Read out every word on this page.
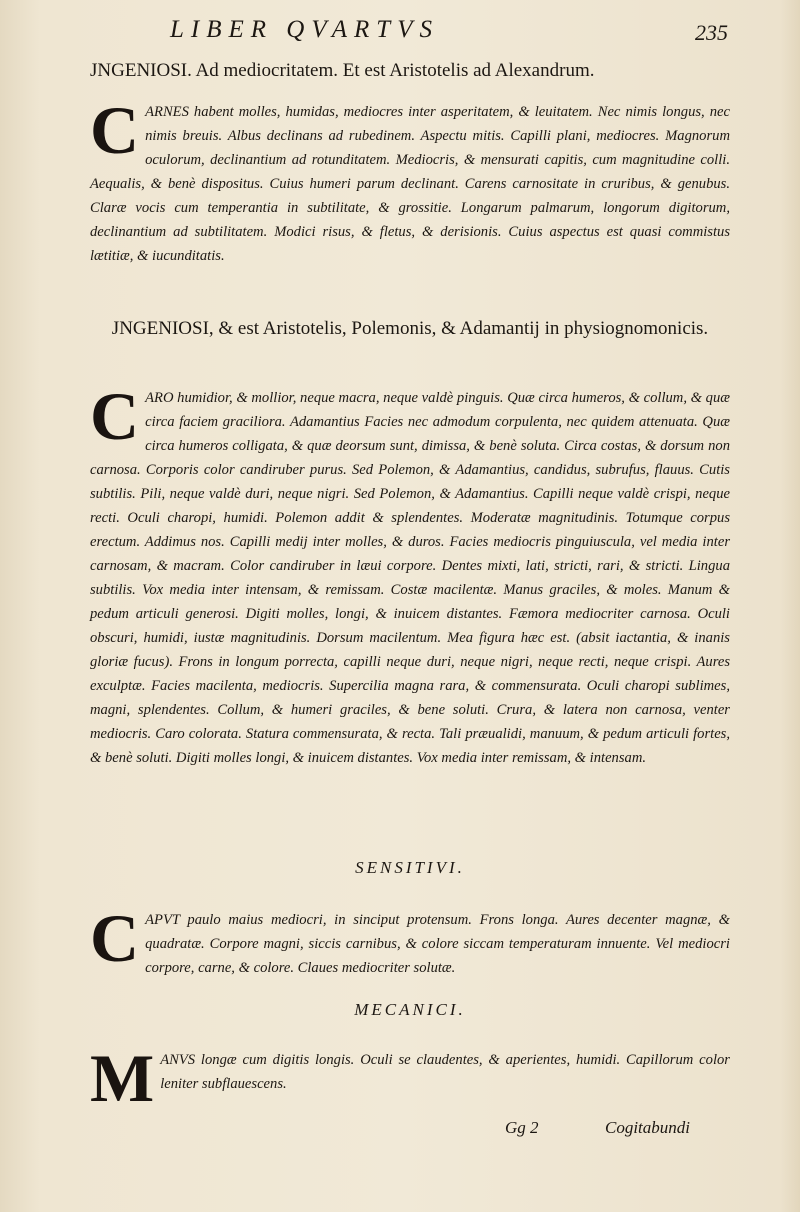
LIBER QVARTVS	235
JNGENIOSI. Ad mediocritatem. Et est Aristotelis ad Alexandrum.

CARNES habent molles, humidas, mediocres inter asperitatem, & leuitatem. Nec nimis longus, nec nimis breuis. Albus declinans ad rubedinem. Aspectu mitis. Capilli plani, mediocres. Magnorum oculorum, declinantium ad rotunditatem. Mediocris, & mensurati capitis, cum magnitudine colli. Aequalis, & benè dispositus. Cuius humeri parum declinant. Carens carnositate in cruribus, & genubus. Claræ vocis cum temperantia in subtilitate, & grossitie. Longarum palmarum, longorum digitorum, declinantium ad subtilitatem. Modici risus, & fletus, & derisionis. Cuius aspectus est quasi commistus lætitiæ, & iucunditatis.

JNGENIOSI, & est Aristotelis, Polemonis, & Adamantij in physiognomonicis.

CARO humidior, & mollior, neque macra, neque valdè pinguis. Quæ circa humeros, & collum, & quæ circa faciem graciliora. Adamantius Facies nec admodum corpulenta, nec quidem attenuata. Quæ circa humeros colligata, & quæ deorsum sunt, dimissa, & benè soluta. Circa costas, & dorsum non carnosa. Corporis color candiruber purus. Sed Polemon, & Adamantius, candidus, subrufus, flauus. Cutis subtilis. Pili, neque valdè duri, neque nigri. Sed Polemon, & Adamantius. Capilli neque valdè crispi, neque recti. Oculi charopi, humidi. Polemon addit & splendentes. Moderatæ magnitudinis. Totumque corpus erectum. Addimus nos. Capilli medij inter molles, & duros. Facies mediocris pinguiuscula, vel media inter carnosam, & macram. Color candiruber in læui corpore. Dentes mixti, lati, stricti, rari, & stricti. Lingua subtilis. Vox media inter intensam, & remissam. Costæ macilentæ. Manus graciles, & moles. Manum & pedum articuli generosi. Digiti molles, longi, & inuicem distantes. Fæmora mediocriter carnosa. Oculi obscuri, humidi, iustæ magnitudinis. Dorsum macilentum. Mea figura hæc est. (absit iactantia, & inanis gloriæ fucus). Frons in longum porrecta, capilli neque duri, neque nigri, neque recti, neque crispi. Aures exculptæ. Facies macilenta, mediocris. Supercilia magna rara, & commensurata. Oculi charopi sublimes, magni, splendentes. Collum, & humeri graciles, & bene soluti. Crura, & latera non carnosa, venter mediocris. Caro colorata. Statura commensurata, & recta. Tali præualidi, manuum, & pedum articuli fortes, & benè soluti. Digiti molles longi, & inuicem distantes. Vox media inter remissam, & intensam.

SENSITIVI.

CAPVT paulo maius mediocri, in sinciput protensum. Frons longa. Aures decenter magnæ, & quadratæ. Corpore magni, siccis carnibus, & colore siccam temperaturam innuente. Vel mediocri corpore, carne, & colore. Claues mediocriter solutæ.

MECANICI.

MANVS longæ cum digitis longis. Oculi se claudentes, & aperientes, humidi. Capillorum color leniter subflauescens.

Gg 2	Cogitabundi
